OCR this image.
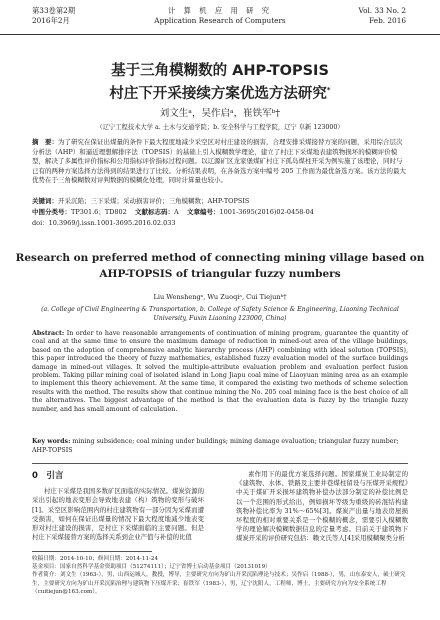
第33卷第2期
2016年2月
计 算 机 应 用 研 究
Application Research of Computers
Vol. 33 No. 2
Feb. 2016
基于三角模糊数的 AHP-TOPSIS
村庄下开采接续方案优选方法研究*
刘文生ᵃ，吴作启ᵃ，崔铁军ᵇ†
（辽宁工程技术大学 a. 土木与交通学院；b. 安全科学与工程学院，辽宁 阜新 123000）
摘　要：为了研究在保证出煤量的条件下最大程度地减少采空区对村庄建设的损害，合理安排采煤接替方案的问题，采用综合层次分析法（AHP）和逼近理想解排序法（TOPSIS）的基础上引入模糊数学理论，建立了村庄下采煤地表建筑物损坏的模糊评价模型，解决了多属性评价指标和公用指标评价指标过程问题。以辽源矿区龙家堡煤矿村庄下孤岛煤柱开采为例实施了该理论，同时与已有的两种方案选择方法得到的结果进行了比较。分析结果表明，在各备选方案中编号 205 工作面为最优备选方案。该方法的最大优势在于三角模糊数对评判数据的模糊化处理，同时计算量也较小。
关键词：开采沉陷；三下采煤；采动损害评价；三角模糊数；AHP-TOPSIS
中图分类号：TP301.6；TD802 文献标志码：A 文章编号：1001-3695(2016)02-0458-04
doi：10.3969/j.issn.1001-3695.2016.02.033
Research on preferred method of connecting mining village based on
AHP-TOPSIS of triangular fuzzy numbers
Liu Wenshengᵃ, Wu Zuoqiᵃ, Cui Tiejunᵇ†
(a. College of Civil Engineering & Transportation, b. College of Safety Science & Engineering, Liaoning Technical University, Fuxin Liaoning 123000, China)
Abstract: In order to have reasonable arrangements of continuation of mining program, guarantee the quantity of coal and at the same time to ensure the maximum damage of reduction in mined-out area of the village buildings, based on the adoption of comprehensive analytic hierarchy process (AHP) combining with ideal solution (TOPSIS), this paper introduced the theory of fuzzy mathematics, established fuzzy evaluation model of the surface buildings damage in mined-out villages. It solved the multiple-attribute evaluation problem and evaluation perfect fusion problem. Taking pillar mining coal of isolated island in Long Jiapu coal mine of Liaoyuan mining area as an example to implement this theory achievement. At the same time, it compared the existing two methods of scheme selection results with the method. The results show that continue mining the No. 205 coal mining face is the best choice of all the alternatives. The biggest advantage of the method is that the evaluation data is fuzzy by the triangle fuzzy number, and has small amount of calculation.
Key words: mining subsidence; coal mining under buildings; mining damage evaluation; triangular fuzzy number; AHP-TOPSIS
0　引言

村庄下采煤是我国多数矿区面临的实际情况。煤炭资源的采出引起的地表变形会导致地表建（构）筑物的变形与破坏[1]。采空区影响范围内的村庄建筑物有一部分因为采煤而遭受损害，如何在保证出煤量的情况下最大程度地减少地表变形对村庄建设的损害，是村庄下采煤面临的主要问题。但是村庄下采煤接替方案的选择关系到企业产值与补偿的比值

素作用下的最优方案选择问题。国家煤炭工业局制定的《建筑物、水体、铁路及主要井巷煤柱留设与压煤开采规程》中关于煤矿开采损坏建筑物补偿办法部分制定的补偿比例是以一个范围的形式给出，例如损坏等级为重级的砖混结构建筑物补偿比率为 31%～65%[3]。煤炭产出量与地表房屋损坏程度的相对重要关系是一个模糊的概念，需要引入模糊数学的理论解决模糊数据信息的定量考虑。目前关于建筑物下煤炭开采的评价研究包括：赖文氏等人[4]采用模糊聚类分析

收稿日期：2014-10-10；修回日期：2014-11-24
基金项目：国家自然科学基金资助项目（51274111）；辽宁省博士启动基金项目（20131019）
作者简介：刘文生（1963-），男，山西运城人，教授，博导，主要研究方向为矿山开采沉陷理论与技术；吴作启（1988-），男，山东泰安人，硕士研究生，主要研究方向为矿山开采沉陷治理与建筑物下压煤开采；崔铁军（1983-），男，辽宁沈阳人，工程师，博士，主要研究方向为安全系统工程（cuitiejun@163.com）。
